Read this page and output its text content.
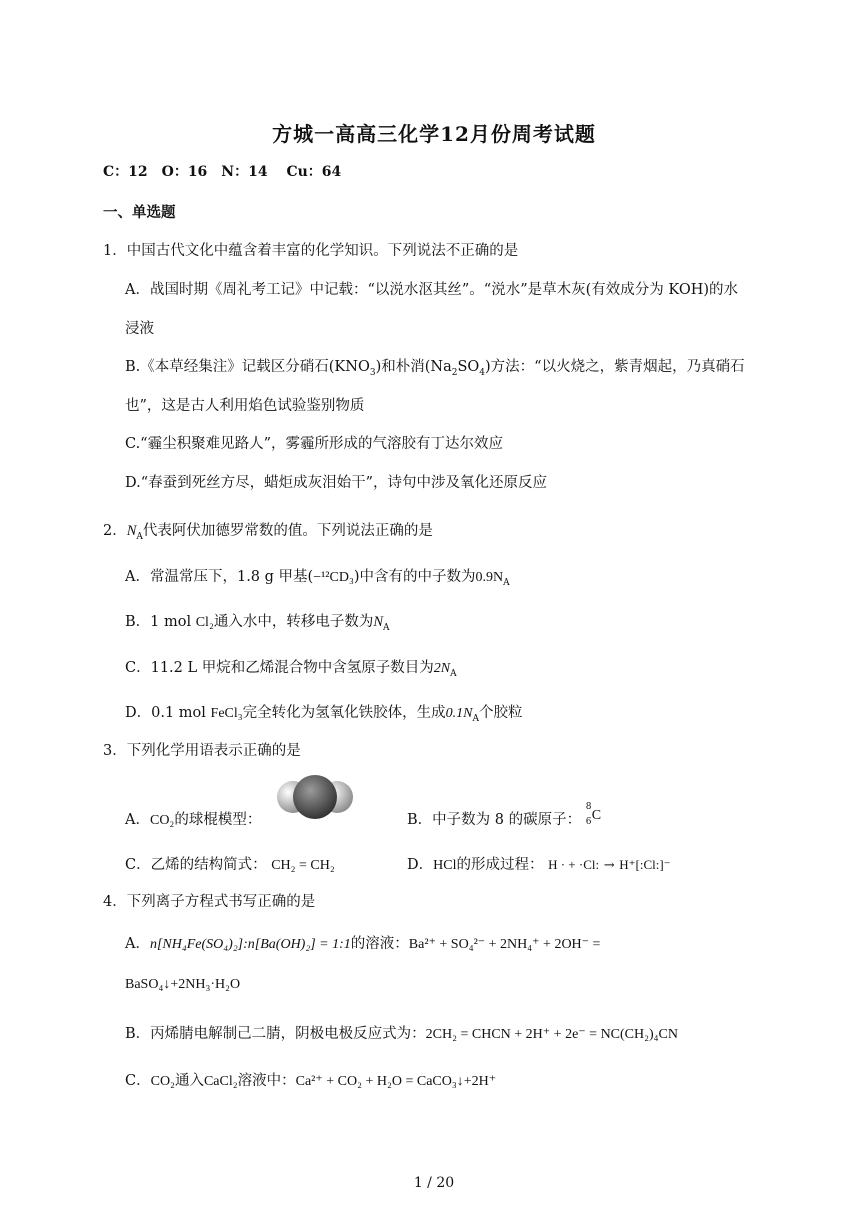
方城一高高三化学12月份周考试题
C：12　O：16　N：14　 Cu：64
一、单选题
1．中国古代文化中蕴含着丰富的化学知识。下列说法不正确的是
A．战国时期《周礼考工记》中记载：“以涚水沤其丝”。“涚水”是草木灰(有效成分为 KOH)的水
浸液
B.《本草经集注》记载区分硝石$(KNO_3)$和朴消$(Na_2SO_4)$方法：“以火烧之，紫青烟起，乃真硝石
也”，这是古人利用焰色试验鉴别物质
C.“霾尘积聚难见路人”，雾霾所形成的气溶胶有丁达尔效应
D.“春蚕到死丝方尽，蜡炬成灰泪始干”，诗句中涉及氧化还原反应
2．$N_A$代表阿伏加德罗常数的值。下列说法正确的是
A．常温常压下，1.8 g 甲基(−¹²CD₃)中含有的中子数为$0.9N_A$
B．1 mol Cl₂通入水中，转移电子数为$N_A$
C．11.2 L 甲烷和乙烯混合物中含氢原子数目为$2N_A$
D．0.1 mol FeCl₃完全转化为氢氧化铁胶体，生成$0.1N_A$个胶粒
3．下列化学用语表示正确的是
A．CO₂的球棍模型：	B．中子数为 8 的碳原子：
8
6 C
C．乙烯的结构简式： CH₂ = CH₂	D．HCl的形成过程： H · + ·Cl: → H⁺[:Cl:]⁻
4．下列离子方程式书写正确的是
A．n[NH₄Fe(SO₄)₂]:n[Ba(OH)₂] = 1:1的溶液：Ba²⁺ + SO₄²⁻ + 2NH₄⁺ + 2OH⁻ =
BaSO₄↓+2NH₃·H₂O
B．丙烯腈电解制己二腈，阴极电极反应式为：2CH₂ = CHCN + 2H⁺ + 2e⁻ = NC(CH₂)₄CN
C．CO₂通入CaCl₂溶液中：Ca²⁺ + CO₂ + H₂O = CaCO₃↓+2H⁺
1 / 20
